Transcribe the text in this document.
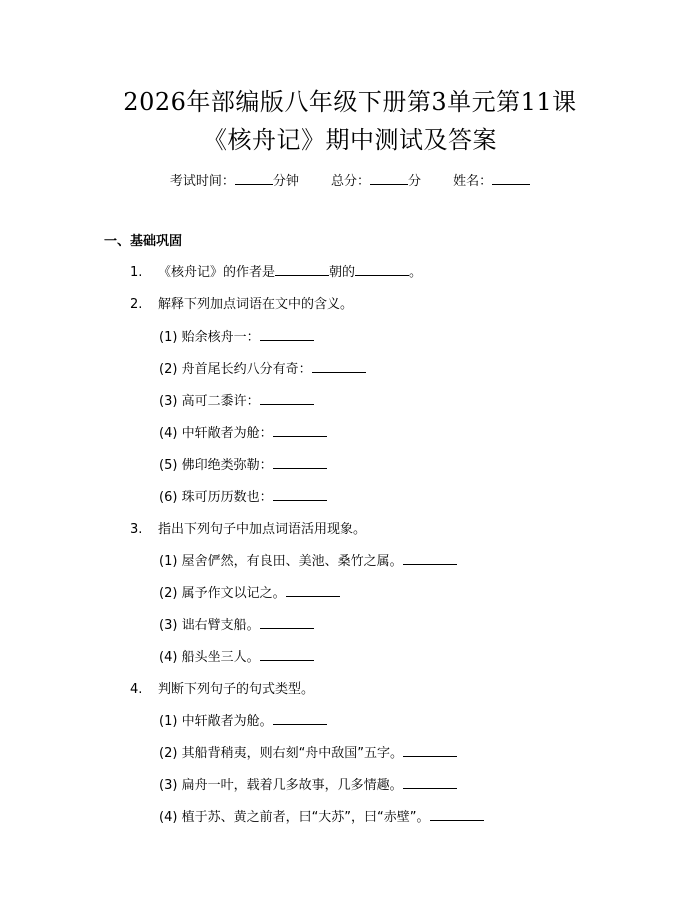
2026年部编版八年级下册第3单元第11课
《核舟记》期中测试及答案
考试时间：	分钟 总分：	分 姓名：
一、基础巩固
1. 《核舟记》的作者是	朝的	。
2. 解释下列加点词语在文中的含义。
(1) 贻余核舟一：
(2) 舟首尾长约八分有奇：
(3) 高可二黍许：
(4) 中轩敞者为舱：
(5) 佛印绝类弥勒：
(6) 珠可历历数也：
3. 指出下列句子中加点词语活用现象。
(1) 屋舍俨然，有良田、美池、桑竹之属。
(2) 属予作文以记之。
(3) 诎右臂支船。
(4) 船头坐三人。
4. 判断下列句子的句式类型。
(1) 中轩敞者为舱。
(2) 其船背稍夷，则右刻“舟中敌国”五字。
(3) 扁舟一叶，载着几多故事，几多情趣。
(4) 植于苏、黄之前者，曰“大苏”，曰“赤壁”。
